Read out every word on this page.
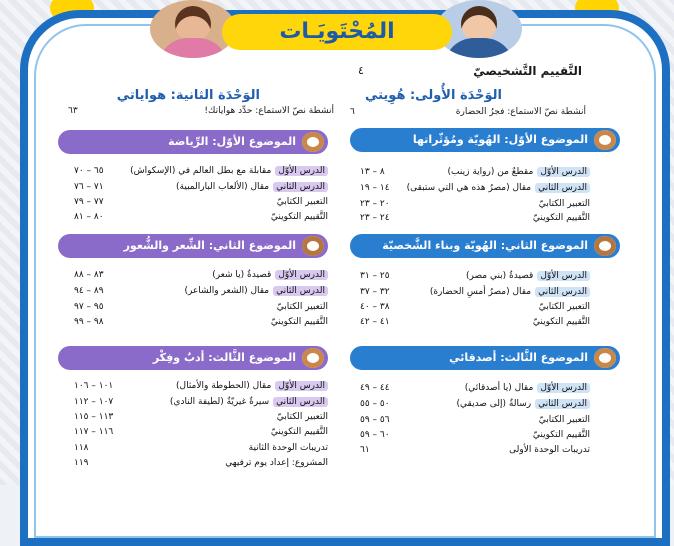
المُحْتَويَـات
التَّقييم التَّشخيصيّ
٤
الوَحْدَة الأُولى: هُوِيتي
الوَحْدَة الثانية: هواياتي
أنشطة نصّ الاستماع: فجرُ الحضارة
٦
أنشطة نصّ الاستماع: حدِّد هواياتك!
٦٣
الموضوع الأوّل: الهُويّة ومُؤثّراتها
الدرس الأوّلمقطعٌ من (رواية زينب)
٨ – ١٣
الدرس الثانيمقال (مصرُ هذه هي التي ستبقى)
١٤ – ١٩
التعبير الكتابيّ
٢٠ – ٢٣
التَّقييم التكوينيّ
٢٤ – ٢٣
الموضوع الثاني: الهُويّة وبناء الشَّخصيّة
الدرس الأوّلقصيدةُ (بني مصر)
٢٥ – ٣١
الدرس الثانيمقال (مصرُ أمسِ الحضارة)
٣٢ – ٣٧
التعبير الكتابيّ
٣٨ – ٤٠
التَّقييم التكوينيّ
٤١ – ٤٢
الموضوع الثَّالث: أصدقائي
الدرس الأوّلمقال (يا أصدقائي)
٤٤ – ٤٩
الدرس الثانيرسالةٌ (إلى صديقي)
٥٠ – ٥٥
التعبير الكتابيّ
٥٦ – ٥٩
التَّقييم التكوينيّ
٦٠ – ٥٩
تدريبات الوحدة الأولى
٦١
الموضوع الأوّل: الرِّياضة
الدرس الأوّلمقابلة مع بطل العالم في (الإسكواش)
٦٥ – ٧٠
الدرس الثانيمقال (الألعاب البارالمبية)
٧١ – ٧٦
التعبير الكتابيّ
٧٧ – ٧٩
التَّقييم التكوينيّ
٨٠ – ٨١
الموضوع الثاني: الشِّعر والشُّعور
الدرس الأوّلقصيدةُ (يا شعر)
٨٣ – ٨٨
الدرس الثانيمقال (الشعر والشاعر)
٨٩ – ٩٤
التعبير الكتابيّ
٩٥ – ٩٧
التَّقييم التكوينيّ
٩٨ – ٩٩
الموضوع الثَّالث: أدبٌ وفِكْر
الدرس الأوّلمقال (الحطوطة والأمثال)
١٠١ – ١٠٦
الدرس الثانيسيرةٌ غيريّةٌ (لطيفة النادي)
١٠٧ – ١١٢
التعبير الكتابيّ
١١٣ – ١١٥
التَّقييم التكوينيّ
١١٦ – ١١٧
تدريبات الوحدة الثانية
١١٨
المشروع: إعداد يوم ترفيهي
١١٩
